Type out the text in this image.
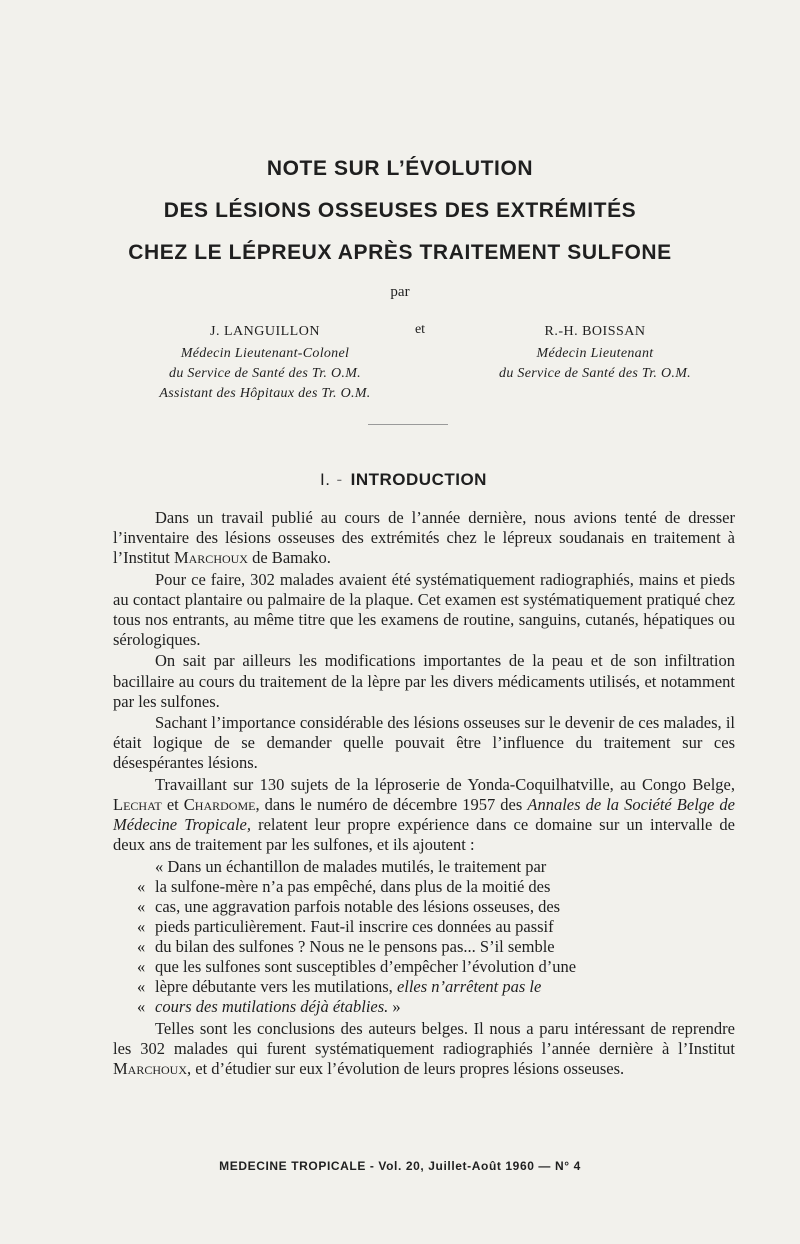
NOTE SUR L’ÉVOLUTION
DES LÉSIONS OSSEUSES DES EXTRÉMITÉS
CHEZ LE LÉPREUX APRÈS TRAITEMENT SULFONE
par
J. LANGUILLON
Médecin Lieutenant-Colonel
du Service de Santé des Tr. O.M.
Assistant des Hôpitaux des Tr. O.M.
et	R.-H. BOISSAN
Médecin Lieutenant
du Service de Santé des Tr. O.M.
I. - INTRODUCTION

Dans un travail publié au cours de l’année dernière, nous avions tenté de dresser l’inventaire des lésions osseuses des extrémités chez le lépreux soudanais en traitement à l’Institut Marchoux de Bamako.

Pour ce faire, 302 malades avaient été systématiquement radiographiés, mains et pieds au contact plantaire ou palmaire de la plaque. Cet examen est systématiquement pratiqué chez tous nos entrants, au même titre que les examens de routine, sanguins, cutanés, hépatiques ou sérologiques.

On sait par ailleurs les modifications importantes de la peau et de son infiltration bacillaire au cours du traitement de la lèpre par les divers médicaments utilisés, et notamment par les sulfones.

Sachant l’importance considérable des lésions osseuses sur le devenir de ces malades, il était logique de se demander quelle pouvait être l’influence du traitement sur ces désespérantes lésions.

Travaillant sur 130 sujets de la léproserie de Yonda-Coquilhatville, au Congo Belge, Lechat et Chardome, dans le numéro de décembre 1957 des Annales de la Société Belge de Médecine Tropicale, relatent leur propre expérience dans ce domaine sur un intervalle de deux ans de traitement par les sulfones, et ils ajoutent :

« Dans un échantillon de malades mutilés, le traitement par
« la sulfone-mère n’a pas empêché, dans plus de la moitié des
« cas, une aggravation parfois notable des lésions osseuses, des
« pieds particulièrement. Faut-il inscrire ces données au passif
« du bilan des sulfones ? Nous ne le pensons pas... S’il semble
« que les sulfones sont susceptibles d’empêcher l’évolution d’une
« lèpre débutante vers les mutilations, elles n’arrêtent pas le
« cours des mutilations déjà établies. »

Telles sont les conclusions des auteurs belges. Il nous a paru intéressant de reprendre les 302 malades qui furent systématiquement radiographiés l’année dernière à l’Institut Marchoux, et d’étudier sur eux l’évolution de leurs propres lésions osseuses.

MEDECINE TROPICALE - Vol. 20, Juillet-Août 1960 — N° 4
